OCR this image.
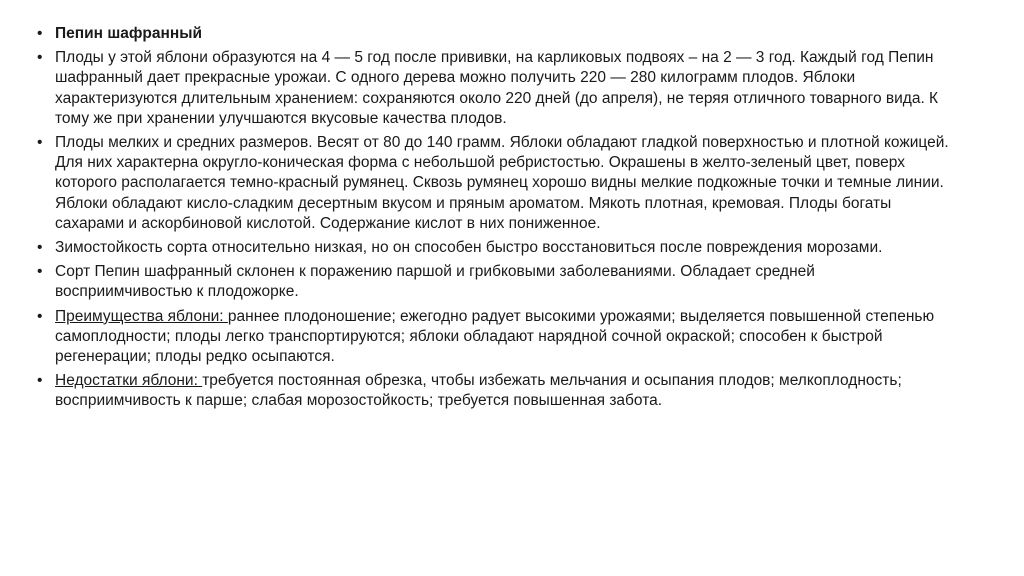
• Пепин шафранный
• Плоды у этой яблони образуются на 4 — 5 год после прививки, на карликовых подвоях – на 2 — 3 год. Каждый год Пепин шафранный дает прекрасные урожаи. С одного дерева можно получить 220 — 280 килограмм плодов. Яблоки характеризуются длительным хранением: сохраняются около 220 дней (до апреля), не теряя отличного товарного вида. К тому же при хранении улучшаются вкусовые качества плодов.
• Плоды мелких и средних размеров. Весят от 80 до 140 грамм. Яблоки обладают гладкой поверхностью и плотной кожицей. Для них характерна округло-коническая форма с небольшой ребристостью. Окрашены в желто-зеленый цвет, поверх которого располагается темно-красный румянец. Сквозь румянец хорошо видны мелкие подкожные точки и темные линии. Яблоки обладают кисло-сладким десертным вкусом и пряным ароматом. Мякоть плотная, кремовая. Плоды богаты сахарами и аскорбиновой кислотой. Содержание кислот в них пониженное.
• Зимостойкость сорта относительно низкая, но он способен быстро восстановиться после повреждения морозами.
• Сорт Пепин шафранный склонен к поражению паршой и грибковыми заболеваниями. Обладает средней восприимчивостью к плодожорке.
• Преимущества яблони: раннее плодоношение; ежегодно радует высокими урожаями; выделяется повышенной степенью самоплодности; плоды легко транспортируются; яблоки обладают нарядной сочной окраской; способен к быстрой регенерации; плоды редко осыпаются.
• Недостатки яблони: требуется постоянная обрезка, чтобы избежать мельчания и осыпания плодов; мелкоплодность; восприимчивость к парше; слабая морозостойкость; требуется повышенная забота.
